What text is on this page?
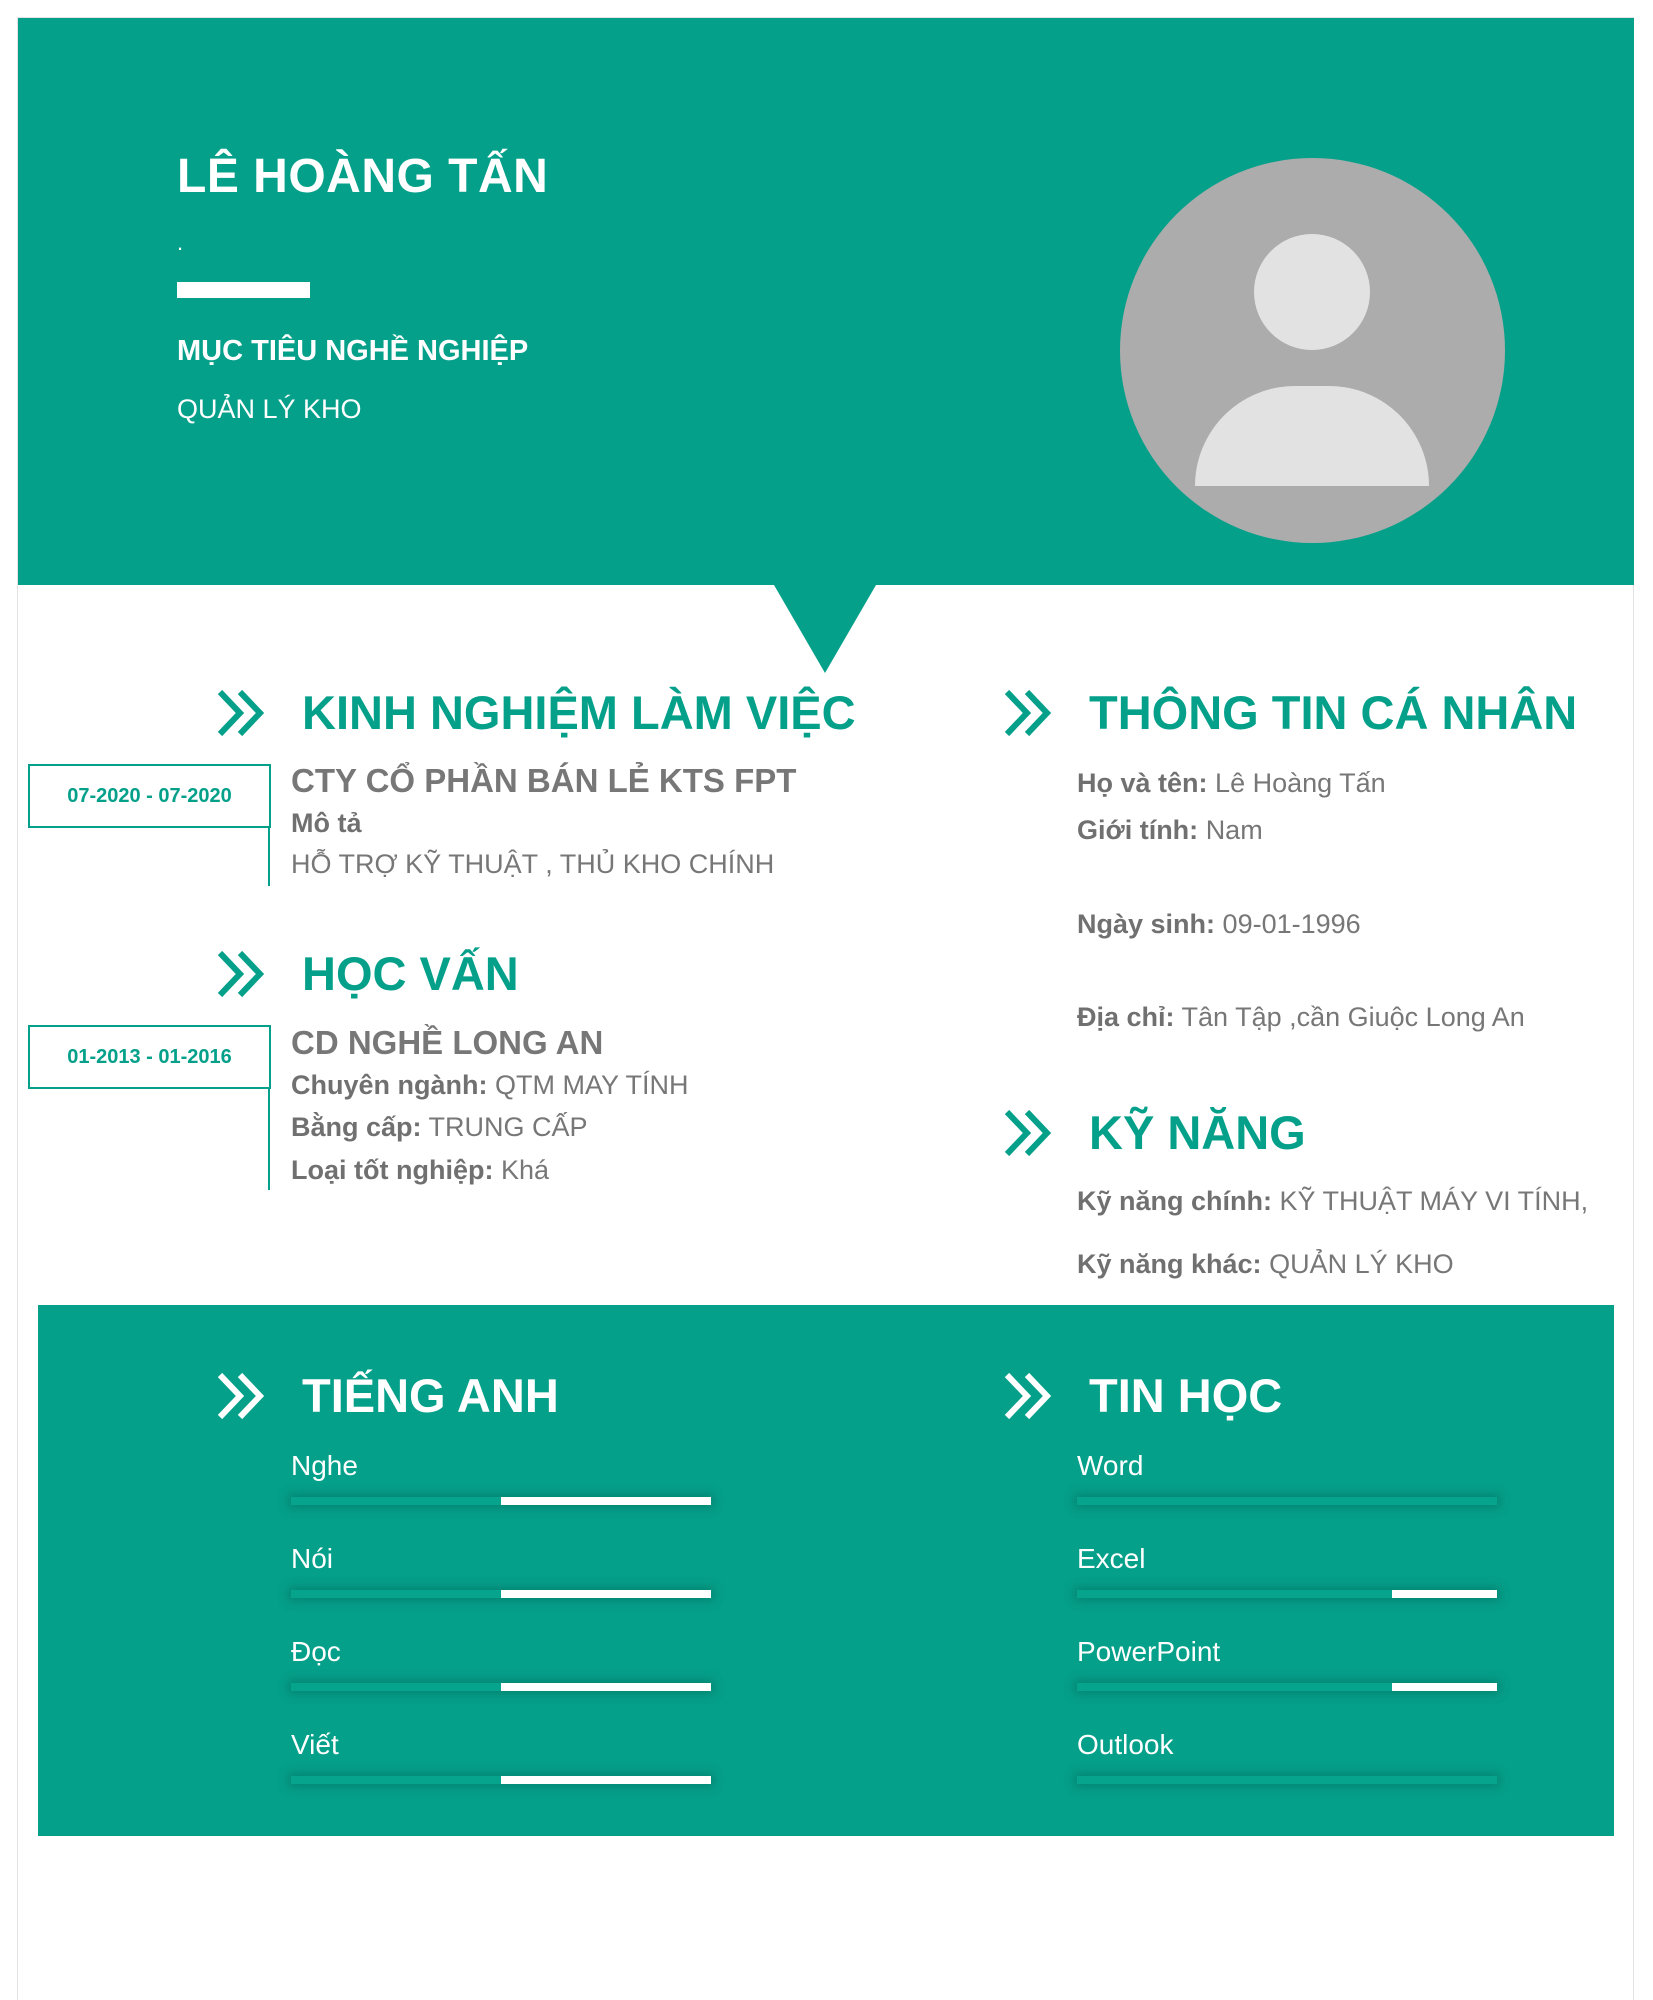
LÊ HOÀNG TẤN
.
MỤC TIÊU NGHỀ NGHIỆP
QUẢN LÝ KHO
KINH NGHIỆM LÀM VIỆC
07-2020 - 07-2020	CTY CỔ PHẦN BÁN LẺ KTS FPT
Mô tả
HỖ TRỢ KỸ THUẬT , THỦ KHO CHÍNH
HỌC VẤN
01-2013 - 01-2016	CD NGHỀ LONG AN
Chuyên ngành: QTM MAY TÍNH
Bằng cấp: TRUNG CẤP
Loại tốt nghiệp: Khá
THÔNG TIN CÁ NHÂN
Họ và tên: Lê Hoàng Tấn
Giới tính: Nam
Ngày sinh: 09-01-1996
Địa chỉ: Tân Tập ,cần Giuộc Long An
KỸ NĂNG
Kỹ năng chính: KỸ THUẬT MÁY VI TÍNH,
Kỹ năng khác: QUẢN LÝ KHO
TIẾNG ANH	TIN HỌC
Nghe
Nói
Đọc
Viết
Word
Excel
PowerPoint
Outlook
